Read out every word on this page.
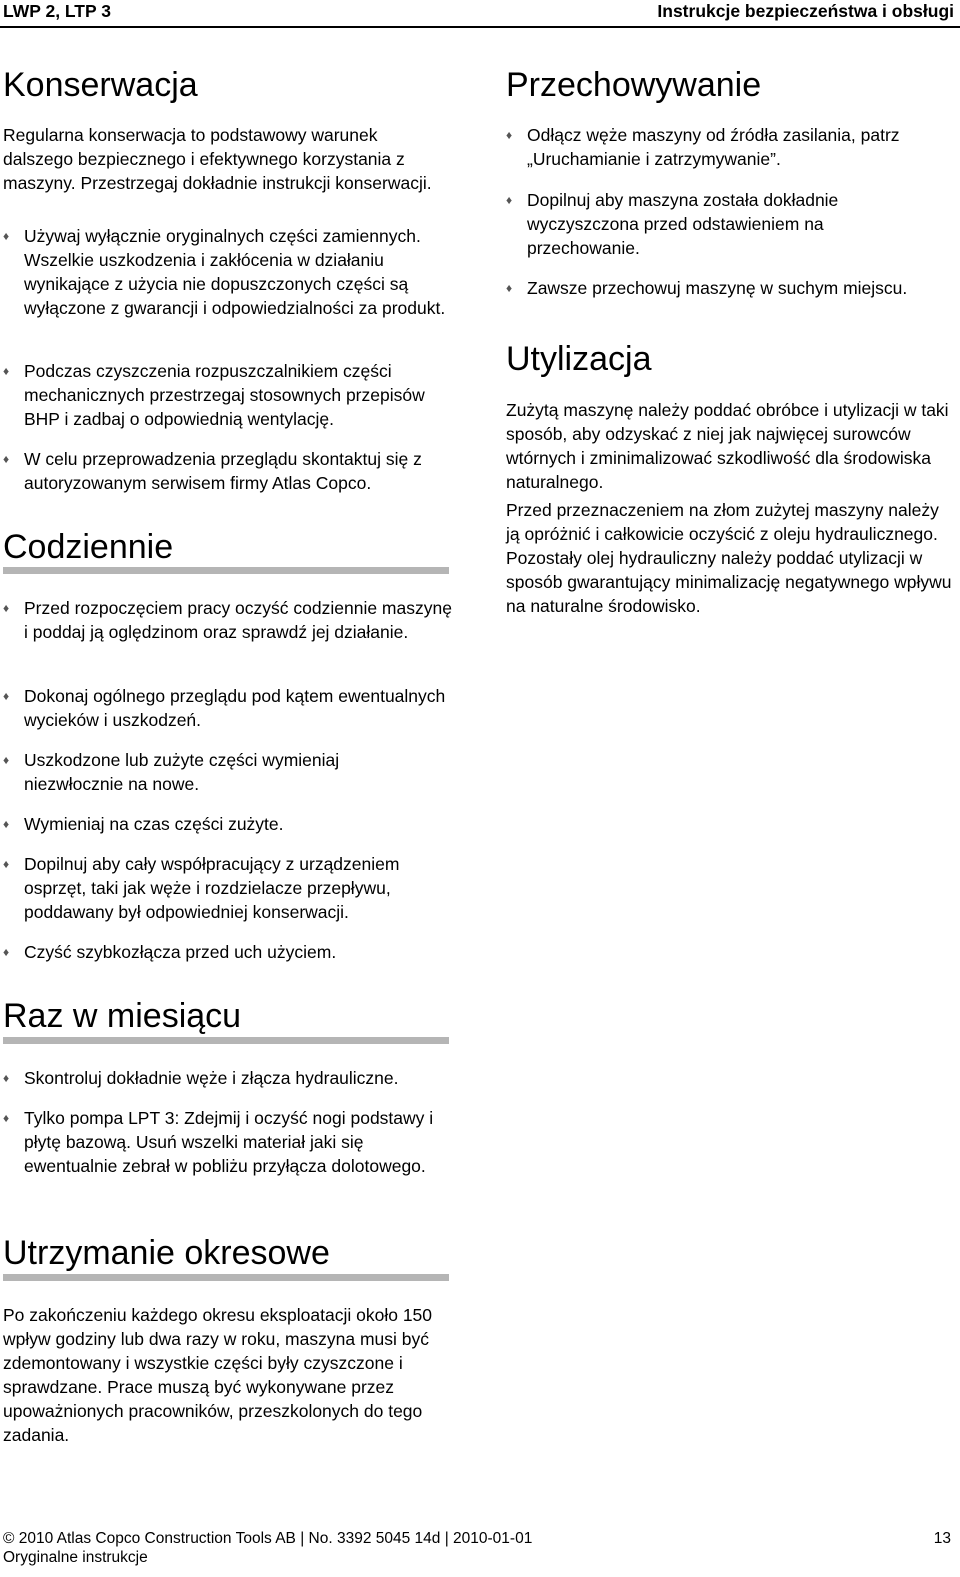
LWP 2, LTP 3	Instrukcje bezpieczeństwa i obsługi
Konserwacja

Regularna konserwacja to podstawowy warunek dalszego bezpiecznego i efektywnego korzystania z maszyny. Przestrzegaj dokładnie instrukcji konserwacji.

♦ Używaj wyłącznie oryginalnych części zamiennych. Wszelkie uszkodzenia i zakłócenia w działaniu wynikające z użycia nie dopuszczonych części są wyłączone z gwarancji i odpowiedzialności za produkt.
♦ Podczas czyszczenia rozpuszczalnikiem części mechanicznych przestrzegaj stosownych przepisów BHP i zadbaj o odpowiednią wentylację.
♦ W celu przeprowadzenia przeglądu skontaktuj się z autoryzowanym serwisem firmy Atlas Copco.
Codziennie
♦ Przed rozpoczęciem pracy oczyść codziennie maszynę i poddaj ją oględzinom oraz sprawdź jej działanie.
♦ Dokonaj ogólnego przeglądu pod kątem ewentualnych wycieków i uszkodzeń.
♦ Uszkodzone lub zużyte części wymieniaj niezwłocznie na nowe.
♦ Wymieniaj na czas części zużyte.
♦ Dopilnuj aby cały współpracujący z urządzeniem osprzęt, taki jak węże i rozdzielacze przepływu, poddawany był odpowiedniej konserwacji.
♦ Czyść szybkozłącza przed uch użyciem.
Raz w miesiącu
♦ Skontroluj dokładnie węże i złącza hydrauliczne.
♦ Tylko pompa LPT 3: Zdejmij i oczyść nogi podstawy i płytę bazową. Usuń wszelki materiał jaki się ewentualnie zebrał w pobliżu przyłącza dolotowego.
Utrzymanie okresowe

Po zakończeniu każdego okresu eksploatacji około 150 wpływ godziny lub dwa razy w roku, maszyna musi być zdemontowany i wszystkie części były czyszczone i sprawdzane. Prace muszą być wykonywane przez upoważnionych pracowników, przeszkolonych do tego zadania.

Przechowywanie
♦ Odłącz węże maszyny od źródła zasilania, patrz „Uruchamianie i zatrzymywanie”.
♦ Dopilnuj aby maszyna została dokładnie wyczyszczona przed odstawieniem na przechowanie.
♦ Zawsze przechowuj maszynę w suchym miejscu.
Utylizacja

Zużytą maszynę należy poddać obróbce i utylizacji w taki sposób, aby odzyskać z niej jak najwięcej surowców wtórnych i zminimalizować szkodliwość dla środowiska naturalnego.

Przed przeznaczeniem na złom zużytej maszyny należy ją opróżnić i całkowicie oczyścić z oleju hydraulicznego. Pozostały olej hydrauliczny należy poddać utylizacji w sposób gwarantujący minimalizację negatywnego wpływu na naturalne środowisko.

© 2010 Atlas Copco Construction Tools AB | No. 3392 5045 14d | 2010-01-01
Oryginalne instrukcje
13
